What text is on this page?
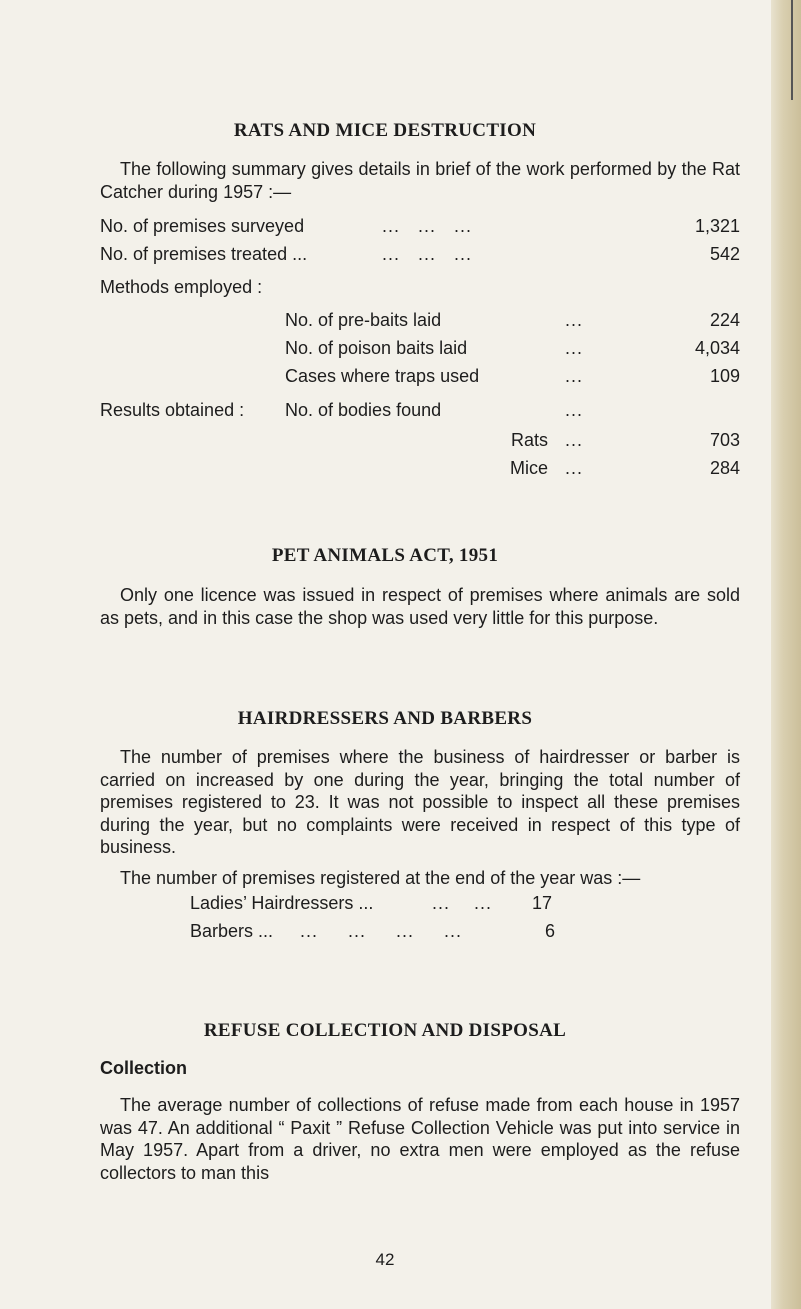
RATS AND MICE DESTRUCTION
The following summary gives details in brief of the work performed by the Rat Catcher during 1957 :—
No. of premises surveyed	...   ...   ...	1,321
No. of premises treated ...	...   ...   ...	542
Methods employed :
No. of pre-baits laid	...	224
No. of poison baits laid	...	4,034
Cases where traps used	...	109
Results obtained : No. of bodies found	...
Rats ...	703
Mice ...	284
PET ANIMALS ACT, 1951
Only one licence was issued in respect of premises where animals are sold as pets, and in this case the shop was used very little for this purpose.
HAIRDRESSERS AND BARBERS
The number of premises where the business of hairdresser or barber is carried on increased by one during the year, bringing the total number of premises registered to 23. It was not possible to inspect all these premises during the year, but no complaints were received in respect of this type of business.
The number of premises registered at the end of the year was :—
Ladies’ Hairdressers ...	...    ... 17
Barbers ... ...     ...     ...     ...	6
REFUSE COLLECTION AND DISPOSAL
Collection
The average number of collections of refuse made from each house in 1957 was 47. An additional “ Paxit ” Refuse Collection Vehicle was put into service in May 1957. Apart from a driver, no extra men were employed as the refuse collectors to man this
42
